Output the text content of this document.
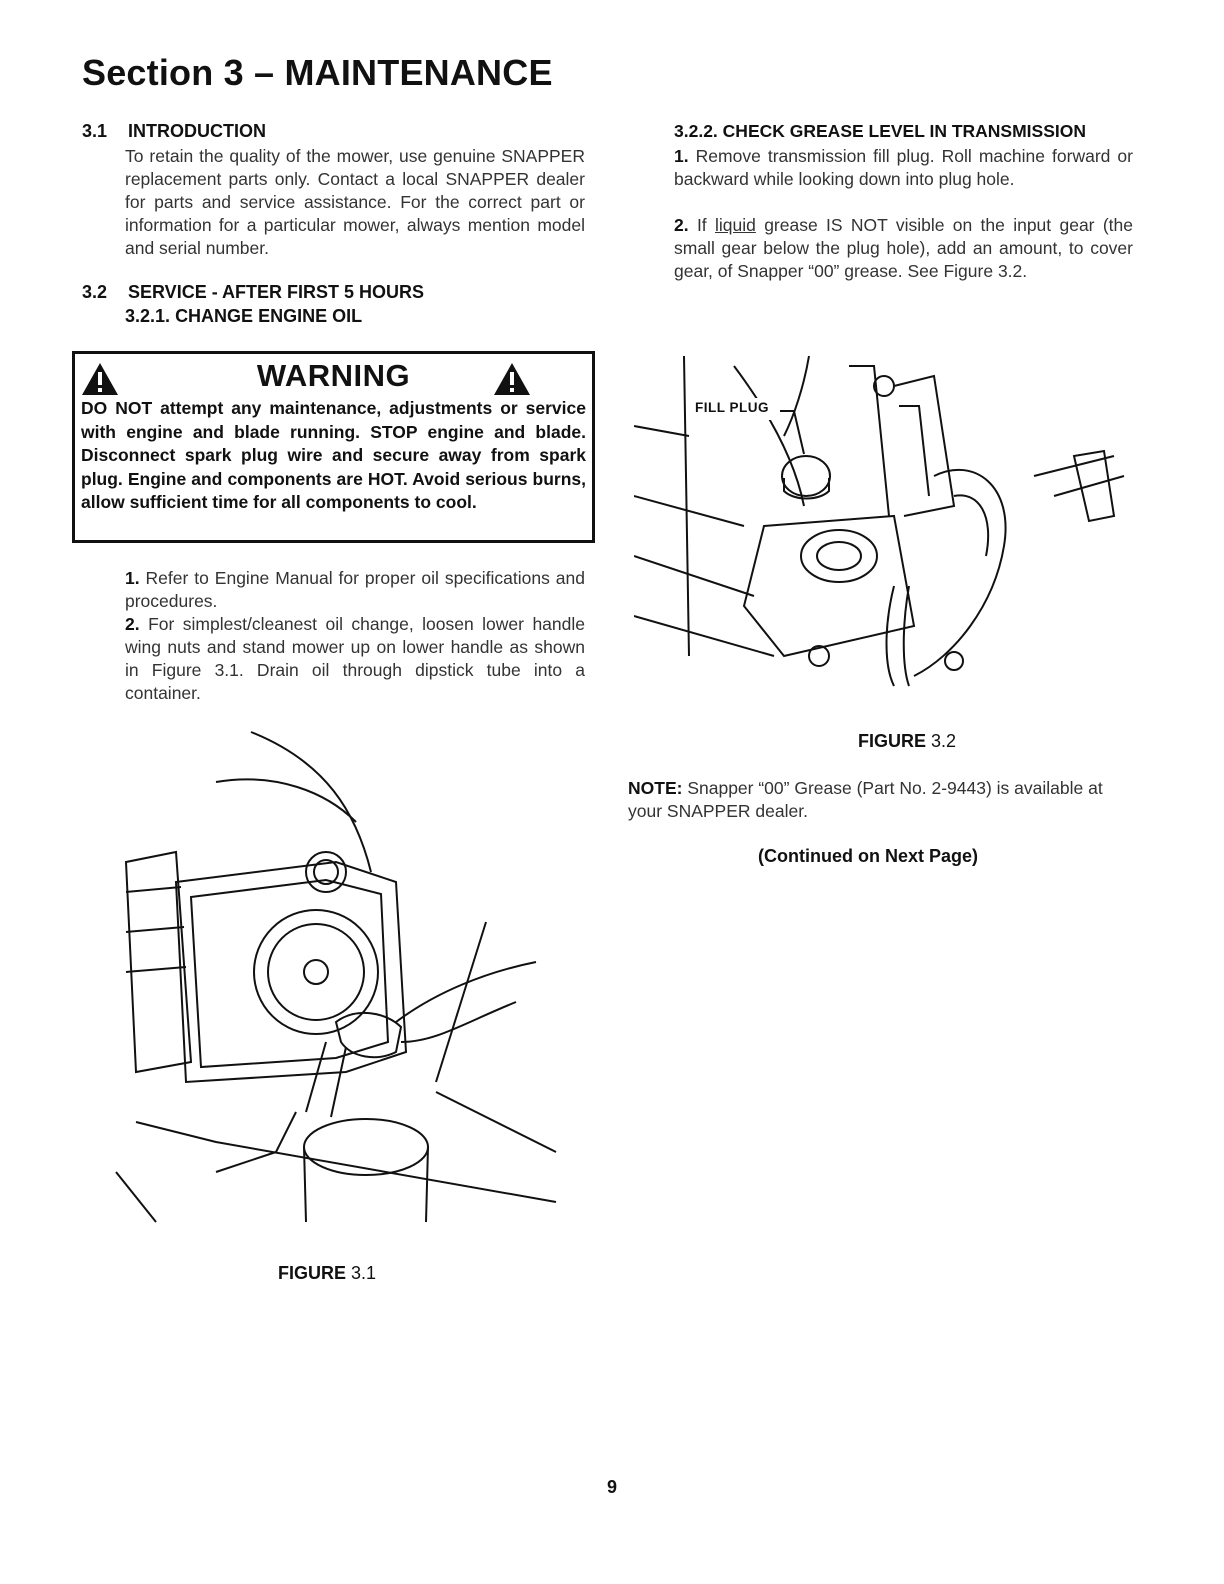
Section 3 – MAINTENANCE
3.1 INTRODUCTION
To retain the quality of the mower, use genuine SNAPPER replacement parts only. Contact a local SNAPPER dealer for parts and service assistance. For the correct part or information for a particular mower, always mention model and serial number.
3.2 SERVICE - AFTER FIRST 5 HOURS
3.2.1. CHANGE ENGINE OIL
WARNING
DO NOT attempt any maintenance, adjustments or service with engine and blade running. STOP engine and blade. Disconnect spark plug wire and secure away from spark plug. Engine and components are HOT. Avoid serious burns, allow sufficient time for all components to cool.
1. Refer to Engine Manual for proper oil specifications and procedures.
2. For simplest/cleanest oil change, loosen lower handle wing nuts and stand mower up on lower handle as shown in Figure 3.1. Drain oil through dipstick tube into a container.
FIGURE 3.1
3.2.2. CHECK GREASE LEVEL IN TRANSMISSION
1. Remove transmission fill plug. Roll machine forward or backward while looking down into plug hole.
2. If liquid grease IS NOT visible on the input gear (the small gear below the plug hole), add an amount, to cover gear, of Snapper “00” grease. See Figure 3.2.
FILL PLUG
FIGURE 3.2
NOTE: Snapper “00” Grease (Part No. 2-9443) is available at your SNAPPER dealer.
(Continued on Next Page)
9
